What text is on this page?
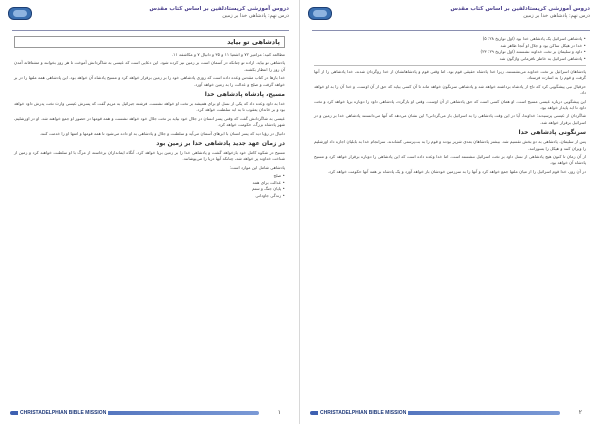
دروس آموزشی کریستادلفین بر اساس کتاب مقدس
درس نهم: پادشاهی خدا بر زمین
پادشاهی تو بیاید

مطالعه کنید: مزامیر ۷۲ و اشعیا ۱۱ و ۳۵ و دانیال ۷ و مکاشفه ۱۱.

پادشاهی تو بیاید. اراده تو چنانکه در آسمان است بر زمین نیز کرده شود. این دعایی است که عیسی به شاگردانش آموخت تا هر روز بخوانند و مشتاقانه آمدن آن روز را انتظار بکشند.

خدا بارها در کتاب مقدس وعده داده است که روزی پادشاهی خود را بر زمین برقرار خواهد کرد و مسیح پادشاه آن خواهد بود. این پادشاهی همه ملتها را در بر خواهد گرفت و صلح و عدالت را به زمین خواهد آورد.

مسیح، پادشاه پادشاهی خدا

خدا به داود وعده داد که یکی از نسل او برای همیشه بر تخت او خواهد نشست. فرشته جبرائیل به مریم گفت که پسرش عیسی وارث تخت پدرش داود خواهد بود و بر خاندان یعقوب تا به ابد سلطنت خواهد کرد.

عیسی به شاگردانش گفت که وقتی پسر انسان در جلال خود بیاید بر تخت جلال خود خواهد نشست و همه قومها در حضور او جمع خواهند شد. او در اورشلیم، شهر پادشاه بزرگ، حکومت خواهد کرد.

دانیال در رؤیا دید که پسر انسان با ابرهای آسمان می‌آید و سلطنت و جلال و پادشاهی به او داده می‌شود تا همه قومها و امتها او را خدمت کنند.

در زمان عهد جدید پادشاهی خدا بر زمین بود

مسیح در شکوه کامل خود بازخواهد گشت و پادشاهی خدا را بر زمین برپا خواهد کرد. آنگاه ایمانداران برخاسته از مرگ با او سلطنت خواهند کرد و زمین از شناخت خداوند پر خواهد شد، چنانکه آبها دریا را می‌پوشانند.

پادشاهی شامل این موارد است:

• صلح
• عدالت برای همه
• پایان جنگ و ستم
• زندگی جاودانی
CHRISTADELPHIAN BIBLE MISSION	۱
دروس آموزشی کریستادلفین بر اساس کتاب مقدس
درس نهم: پادشاهی خدا بر زمین
• پادشاهی اسرائیل یک پادشاهی خدا بود (اول تواریخ ۲۸: ۵)
• خدا در هیکل ساکن بود و جلال او آنجا ظاهر شد
• داود و سلیمان بر تخت خداوند نشستند (اول تواریخ ۲۹: ۲۳)
• پادشاهی اسرائیل به خاطر نافرمانی واژگون شد

پادشاهان اسرائیل بر تخت خداوند می‌نشستند، زیرا خدا پادشاه حقیقی قوم بود. اما وقتی قوم و پادشاهانشان از خدا روگردان شدند، خدا پادشاهی را از آنها گرفت و قوم را به اسارت فرستاد.

حزقیال نبی پیشگویی کرد که تاج از پادشاه برداشته خواهد شد و پادشاهی سرنگون خواهد ماند تا آن کسی بیاید که حق از آن اوست، و خدا آن را به او خواهد داد.

این پیشگویی درباره عیسی مسیح است. او همان کسی است که حق پادشاهی از آن اوست. وقتی او بازگردد، پادشاهی داود را دوباره برپا خواهد کرد و تخت داود تا ابد پایدار خواهد بود.

شاگردان از عیسی پرسیدند: خداوندا، آیا در این وقت پادشاهی را به اسرائیل باز می‌گردانی؟ این نشان می‌دهد که آنها می‌دانستند پادشاهی خدا بر زمین و در اسرائیل برقرار خواهد شد.

سرنگونی پادشاهی خدا

پس از سلیمان، پادشاهی به دو بخش تقسیم شد. بیشتر پادشاهان بعدی شریر بودند و قوم را به بت‌پرستی کشاندند. سرانجام خدا به بابلیان اجازه داد اورشلیم را ویران کنند و هیکل را بسوزانند.

از آن زمان تا کنون هیچ پادشاهی از نسل داود بر تخت اسرائیل ننشسته است. اما خدا وعده داده است که این پادشاهی را دوباره برقرار خواهد کرد و مسیح پادشاه آن خواهد بود.

در آن روز، خدا قوم اسرائیل را از میان ملتها جمع خواهد کرد و آنها را به سرزمین خودشان باز خواهد آورد و یک پادشاه بر همه آنها حکومت خواهد کرد.

CHRISTADELPHIAN BIBLE MISSION	۲
